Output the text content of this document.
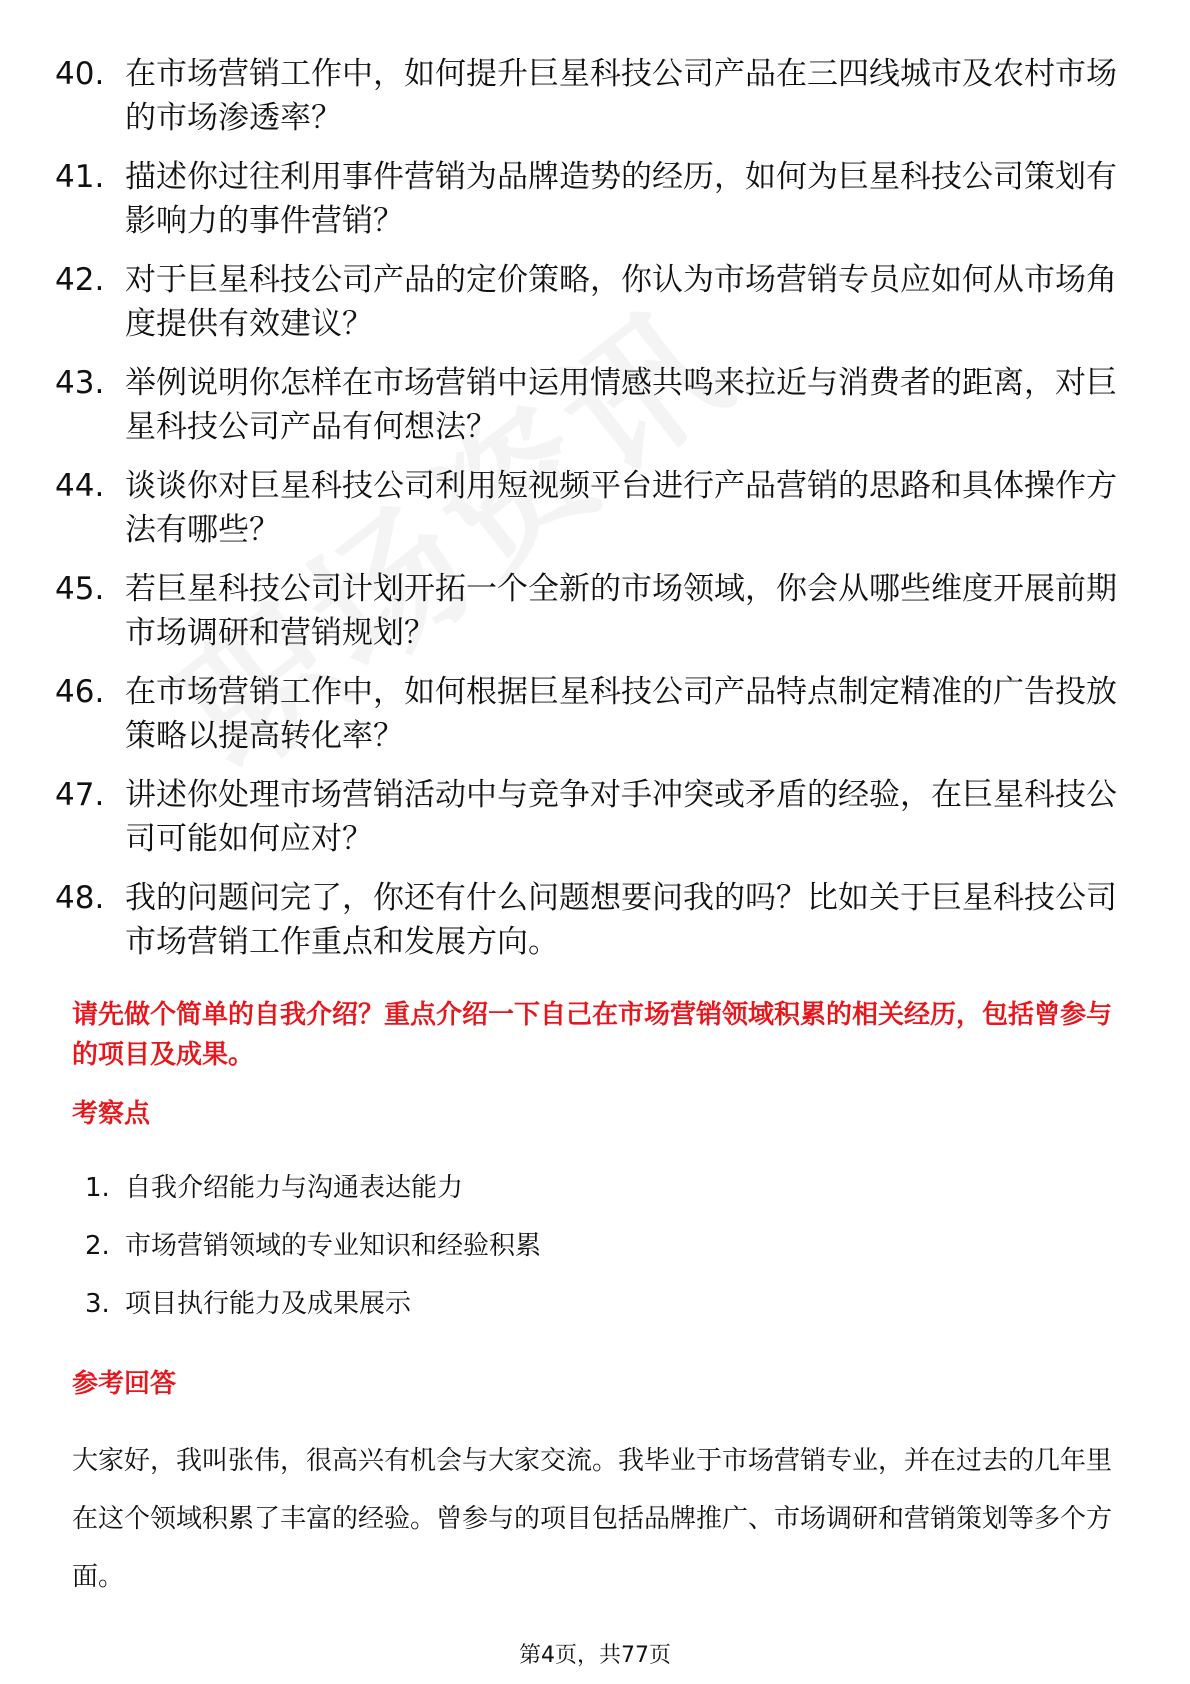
40. 在市场营销工作中，如何提升巨星科技公司产品在三四线城市及农村市场的市场渗透率？
41. 描述你过往利用事件营销为品牌造势的经历，如何为巨星科技公司策划有影响力的事件营销？
42. 对于巨星科技公司产品的定价策略，你认为市场营销专员应如何从市场角度提供有效建议？
43. 举例说明你怎样在市场营销中运用情感共鸣来拉近与消费者的距离，对巨星科技公司产品有何想法？
44. 谈谈你对巨星科技公司利用短视频平台进行产品营销的思路和具体操作方法有哪些？
45. 若巨星科技公司计划开拓一个全新的市场领域，你会从哪些维度开展前期市场调研和营销规划？
46. 在市场营销工作中，如何根据巨星科技公司产品特点制定精准的广告投放策略以提高转化率？
47. 讲述你处理市场营销活动中与竞争对手冲突或矛盾的经验，在巨星科技公司可能如何应对？
48. 我的问题问完了，你还有什么问题想要问我的吗？比如关于巨星科技公司市场营销工作重点和发展方向。
请先做个简单的自我介绍？重点介绍一下自己在市场营销领域积累的相关经历，包括曾参与的项目及成果。
考察点
1. 自我介绍能力与沟通表达能力
2. 市场营销领域的专业知识和经验积累
3. 项目执行能力及成果展示
参考回答
大家好，我叫张伟，很高兴有机会与大家交流。我毕业于市场营销专业，并在过去的几年里在这个领域积累了丰富的经验。曾参与的项目包括品牌推广、市场调研和营销策划等多个方面。
第4页，共77页
